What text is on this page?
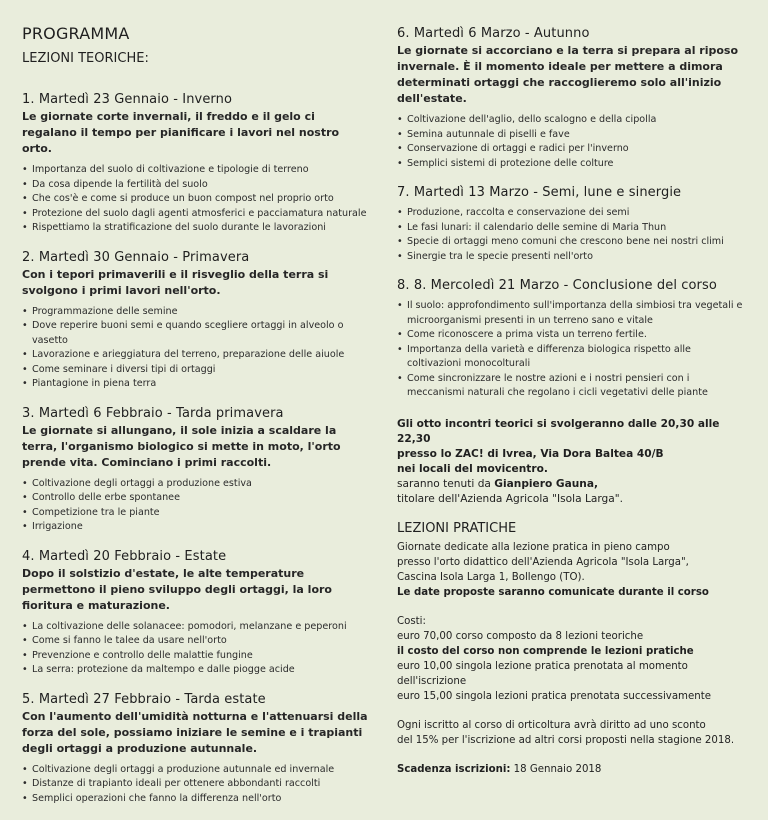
PROGRAMMA
LEZIONI TEORICHE:
1. Martedì 23 Gennaio - Inverno
Le giornate corte invernali, il freddo e il gelo ci regalano il tempo per pianificare i lavori nel nostro orto.
• Importanza del suolo di coltivazione e tipologie di terreno
• Da cosa dipende la fertilità del suolo
• Che cos'è e come si produce un buon compost nel proprio orto
• Protezione del suolo dagli agenti atmosferici e pacciamatura naturale
• Rispettiamo la stratificazione del suolo durante le lavorazioni
2. Martedì 30 Gennaio - Primavera
Con i tepori primaverili e il risveglio della terra si svolgono i primi lavori nell'orto.
• Programmazione delle semine
• Dove reperire buoni semi e quando scegliere ortaggi in alveolo o vasetto
• Lavorazione e arieggiatura del terreno, preparazione delle aiuole
• Come seminare i diversi tipi di ortaggi
• Piantagione in piena terra
3. Martedì 6 Febbraio - Tarda primavera
Le giornate si allungano, il sole inizia a scaldare la terra, l'organismo biologico si mette in moto, l'orto prende vita. Cominciano i primi raccolti.
• Coltivazione degli ortaggi a produzione estiva
• Controllo delle erbe spontanee
• Competizione tra le piante
• Irrigazione
4. Martedì 20 Febbraio - Estate
Dopo il solstizio d'estate, le alte temperature permettono il pieno sviluppo degli ortaggi, la loro fioritura e maturazione.
• La coltivazione delle solanacee: pomodori, melanzane e peperoni
• Come si fanno le talee da usare nell'orto
• Prevenzione e controllo delle malattie fungine
• La serra: protezione da maltempo e dalle piogge acide
5. Martedì 27 Febbraio - Tarda estate
Con l'aumento dell'umidità notturna e l'attenuarsi della forza del sole, possiamo iniziare le semine e i trapianti degli ortaggi a produzione autunnale.
• Coltivazione degli ortaggi a produzione autunnale ed invernale
• Distanze di trapianto ideali per ottenere abbondanti raccolti
• Semplici operazioni che fanno la differenza nell'orto
6. Martedì 6 Marzo - Autunno
Le giornate si accorciano e la terra si prepara al riposo invernale. È il momento ideale per mettere a dimora determinati ortaggi che raccoglieremo solo all'inizio dell'estate.
• Coltivazione dell'aglio, dello scalogno e della cipolla
• Semina autunnale di piselli e fave
• Conservazione di ortaggi e radici per l'inverno
• Semplici sistemi di protezione delle colture
7. Martedì 13 Marzo - Semi, lune e sinergie
• Produzione, raccolta e conservazione dei semi
• Le fasi lunari: il calendario delle semine di Maria Thun
• Specie di ortaggi meno comuni che crescono bene nei nostri climi
• Sinergie tra le specie presenti nell'orto
8. 8. Mercoledì 21 Marzo - Conclusione del corso
• Il suolo: approfondimento sull'importanza della simbiosi tra vegetali e microorganismi presenti in un terreno sano e vitale
• Come riconoscere a prima vista un terreno fertile.
• Importanza della varietà e differenza biologica rispetto alle coltivazioni monocolturali
• Come sincronizzare le nostre azioni e i nostri pensieri con i meccanismi naturali che regolano i cicli vegetativi delle piante

Gli otto incontri teorici si svolgeranno dalle 20,30 alle 22,30

presso lo ZAC! di Ivrea, Via Dora Baltea 40/B

nei locali del movicentro.

saranno tenuti da Gianpiero Gauna,

titolare dell'Azienda Agricola "Isola Larga".

LEZIONI PRATICHE

Giornate dedicate alla lezione pratica in pieno campo

presso l'orto didattico dell'Azienda Agricola "Isola Larga",

Cascina Isola Larga 1, Bollengo (TO).

Le date proposte saranno comunicate durante il corso

Costi:

euro 70,00 corso composto da 8 lezioni teoriche

il costo del corso non comprende le lezioni pratiche

euro 10,00 singola lezione pratica prenotata al momento dell'iscrizione

euro 15,00 singola lezioni pratica prenotata successivamente

Ogni iscritto al corso di orticoltura avrà diritto ad uno sconto

del 15% per l'iscrizione ad altri corsi proposti nella stagione 2018.

Scadenza iscrizioni: 18 Gennaio 2018
